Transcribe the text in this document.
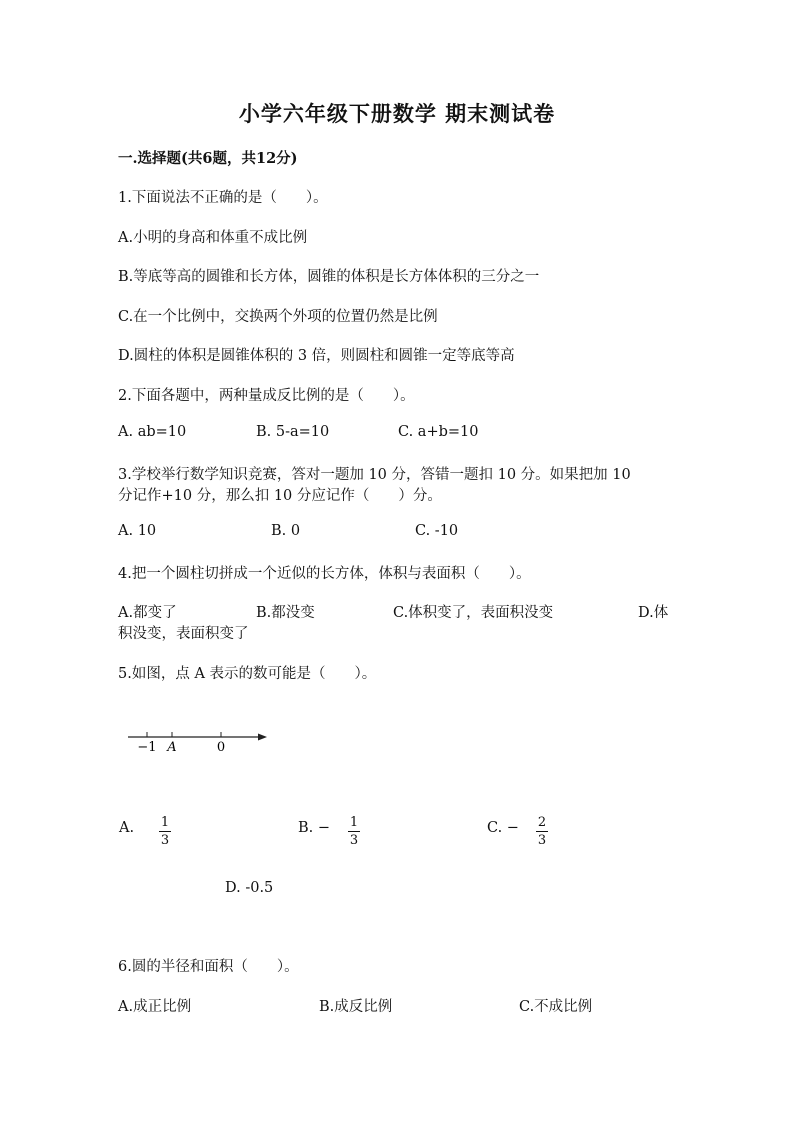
小学六年级下册数学 期末测试卷
一.选择题(共6题，共12分)
1.下面说法不正确的是（　　）。
A.小明的身高和体重不成比例
B.等底等高的圆锥和长方体，圆锥的体积是长方体体积的三分之一
C.在一个比例中，交换两个外项的位置仍然是比例
D.圆柱的体积是圆锥体积的 3 倍，则圆柱和圆锥一定等底等高
2.下面各题中，两种量成反比例的是（　　）。
A. ab=10	B. 5-a=10	C. a+b=10
3.学校举行数学知识竞赛，答对一题加 10 分，答错一题扣 10 分。如果把加 10
分记作+10 分，那么扣 10 分应记作（　　）分。
A. 10	B. 0	C. -10
4.把一个圆柱切拼成一个近似的长方体，体积与表面积（　　）。
A.都变了	B.都没变	C.体积变了，表面积没变	D.体
积没变，表面积变了
5.如图，点 A 表示的数可能是（　　）。
−1 A	0
A. 1
3
B. − 1
3
C. − 2
3
D. -0.5
6.圆的半径和面积（　　）。
A.成正比例	B.成反比例	C.不成比例
